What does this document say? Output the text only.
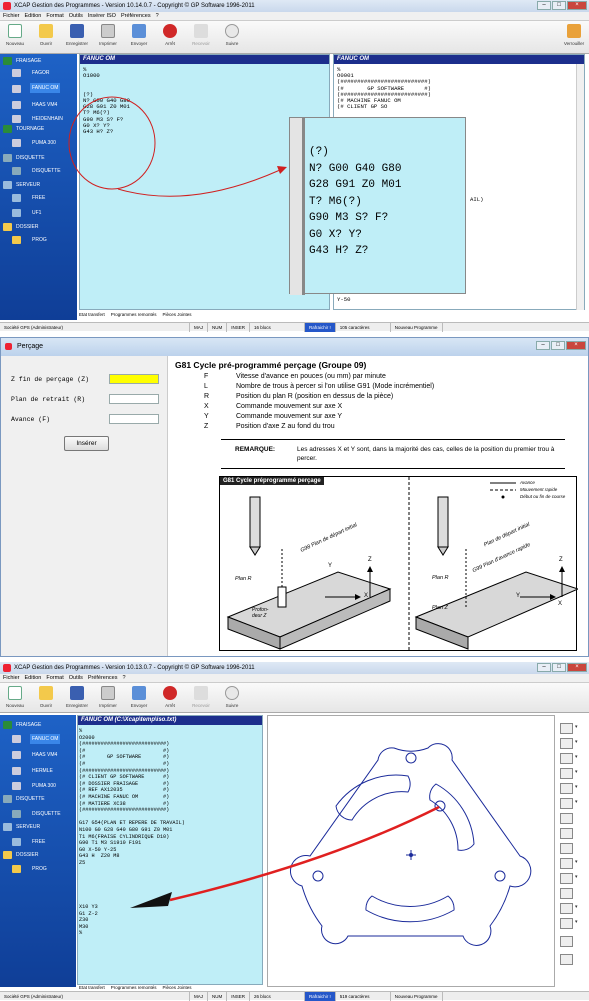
XCAP Gestion des Programmes - Version 10.14.0.7 - Copyright © GP Software 1996-2011	–	□	×
Fichier Edition Format Outils Insérer ISO Préférences ?
Nouveau	Ouvrir	Enregistrer	Imprimer	Envoyer	Arrêt	Recevoir	Suivre	Verrouiller
FRAISAGE
FAGOR
FANUC OM
HAAS VM4
HEIDENHAIN
TOURNAGE
PUMA 300
DISQUETTE
DISQUETTE
SERVEUR
FREE
UF1
DOSSIER
PROG
FANUC OM
%
O1000

(?)
N? G00 G40 G80
G28 G91 Z0 M01
T? M6(?)
G90 M3 S? F?
G0 X? Y?
G43 H? Z?
FANUC OM
%
O0001
(##########################)
(#       GP SOFTWARE      #)
(##########################)
(# MACHINE FANUC OM
(# CLIENT GP SO
Y-50
(?)
N? G00 G40 G80
G28 G91 Z0 M01
T? M6(?)
G90 M3 S? F?
G0 X? Y?
G43 H? Z?
AIL)
Etat transfert Programmes remontés Pièces Jointes
Société GPS (Administrateur)	MAJ	NUM	INSER	16 blocs	Rafraichir !	105 caractères	Nouveau Programme
Perçage	–	□	×
Z fin de perçage (Z)
Plan de retrait (R)
Avance (F)
Insérer
G81 Cycle pré-programmé perçage (Groupe 09)
F	Vitesse d'avance en pouces (ou mm) par minute
L	Nombre de trous à percer si l'on utilise G91 (Mode incrémentiel)
R	Position du plan R (position en dessus de la pièce)
X	Commande mouvement sur axe X
Y	Commande mouvement sur axe Y
Z	Position d'axe Z au fond du trou
REMARQUE:	Les adresses X et Y sont, dans la majorité des cas, celles de la position du premier trou à percer.
G81 Cycle préprogrammé perçage	Avance
Mouvement rapide
Début ou fin de course
G98 Plan de départ initial	Plan de départ initial
G99 Plan d'avance rapide
Plan R	Plan R
Plan Z
Profon-deur Z
X
Y
Z
X
Y
Z
XCAP Gestion des Programmes - Version 10.13.0.7 - Copyright © GP Software 1996-2011	–	□	×
Fichier Edition Format Outils Préférences ?
Nouveau	Ouvrir	Enregistrer	Imprimer	Envoyer	Arrêt	Recevoir	Suivre
FRAISAGE
FANUC OM
HAAS VM4
HERMLE
PUMA 300
DISQUETTE
DISQUETTE
SERVEUR
FREE
DOSSIER
PROG
FANUC OM (C:\Xcap\temp\iso.txt)
%
O2000
(###########################)
(#                         #)
(#       GP SOFTWARE       #)
(#                         #)
(###########################)
(# CLIENT GP SOFTWARE      #)
(# DOSSIER FRAISAGE        #)
(# REF AX12035             #)
(# MACHINE FANUC OM        #)
(# MATIERE XC38            #)
(###########################)

G17 G54(PLAN ET REPERE DE TRAVAIL)
N100 G0 G28 G40 G80 G91 Z0 M01
T1 M6(FRAISE CYLINDRIQUE D10)
G90 T1 M3 S1910 F191
G0 X-50 Y-25
G43 H  Z20 M8
Z5
X10 Y3
G1 Z-2
Z30
M30
%
▾
▾
▾
▾
▾
▾
▾
▾
▾
▾
Etat transfert Programmes remontés Pièces Jointes
Société GPS (Administrateur)	MAJ	NUM	INSER	26 blocs	Rafraichir !	519 caractères	Nouveau Programme
